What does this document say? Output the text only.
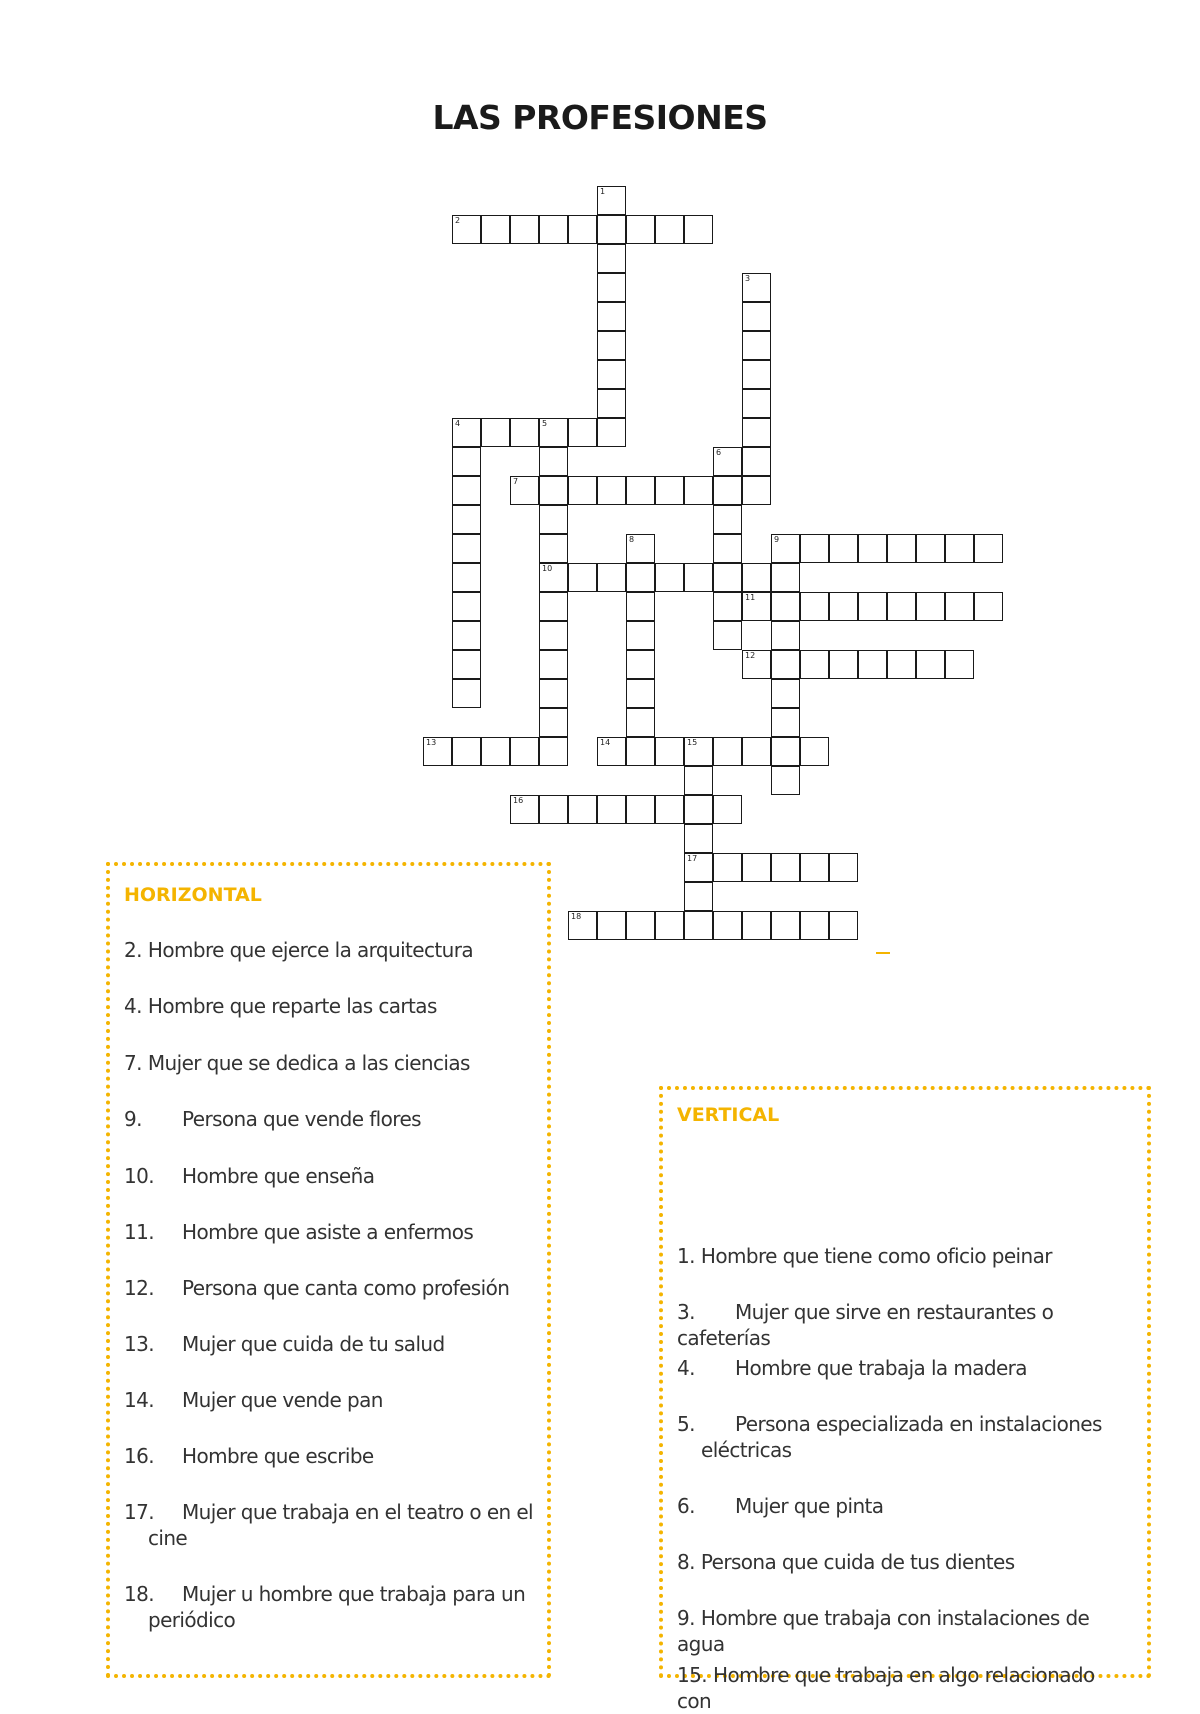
LAS PROFESIONES
1
2
3
4	5
6
7
10
8	9
11
12
13	14	15
17
16
18
HORIZONTAL
2. Hombre que ejerce la arquitectura
4. Hombre que reparte las cartas
7. Mujer que se dedica a las ciencias
9. Persona que vende flores
10. Hombre que enseña
11. Hombre que asiste a enfermos
12. Persona que canta como profesión
13. Mujer que cuida de tu salud
14. Mujer que vende pan
16. Hombre que escribe
17. Mujer que trabaja en el teatro o en el
cine
18. Mujer u hombre que trabaja para un
periódico
VERTICAL
1. Hombre que tiene como oficio peinar
3. Mujer que sirve en restaurantes o cafeterías
4. Hombre que trabaja la madera
5. Persona especializada en instalaciones
eléctricas
6. Mujer que pinta
8. Persona que cuida de tus dientes
9. Hombre que trabaja con instalaciones de agua
15. Hombre que trabaja en algo relacionado con
